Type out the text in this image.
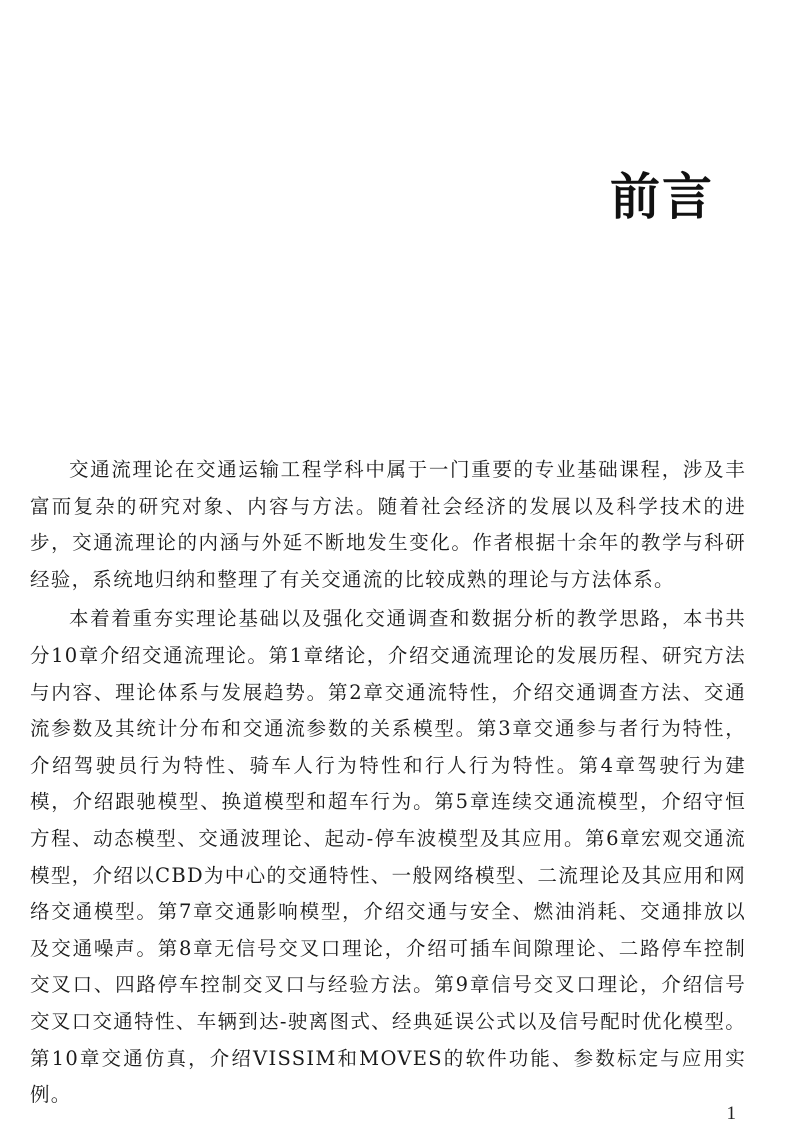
前言

交通流理论在交通运输工程学科中属于一门重要的专业基础课程，涉及丰富而复杂的研究对象、内容与方法。随着社会经济的发展以及科学技术的进步，交通流理论的内涵与外延不断地发生变化。作者根据十余年的教学与科研经验，系统地归纳和整理了有关交通流的比较成熟的理论与方法体系。

本着着重夯实理论基础以及强化交通调查和数据分析的教学思路，本书共分10章介绍交通流理论。第1章绪论，介绍交通流理论的发展历程、研究方法与内容、理论体系与发展趋势。第2章交通流特性，介绍交通调查方法、交通流参数及其统计分布和交通流参数的关系模型。第3章交通参与者行为特性，介绍驾驶员行为特性、骑车人行为特性和行人行为特性。第4章驾驶行为建模，介绍跟驰模型、换道模型和超车行为。第5章连续交通流模型，介绍守恒方程、动态模型、交通波理论、起动-停车波模型及其应用。第6章宏观交通流模型，介绍以CBD为中心的交通特性、一般网络模型、二流理论及其应用和网络交通模型。第7章交通影响模型，介绍交通与安全、燃油消耗、交通排放以及交通噪声。第8章无信号交叉口理论，介绍可插车间隙理论、二路停车控制交叉口、四路停车控制交叉口与经验方法。第9章信号交叉口理论，介绍信号交叉口交通特性、车辆到达-驶离图式、经典延误公式以及信号配时优化模型。第10章交通仿真，介绍VISSIM和MOVES的软件功能、参数标定与应用实例。

1
